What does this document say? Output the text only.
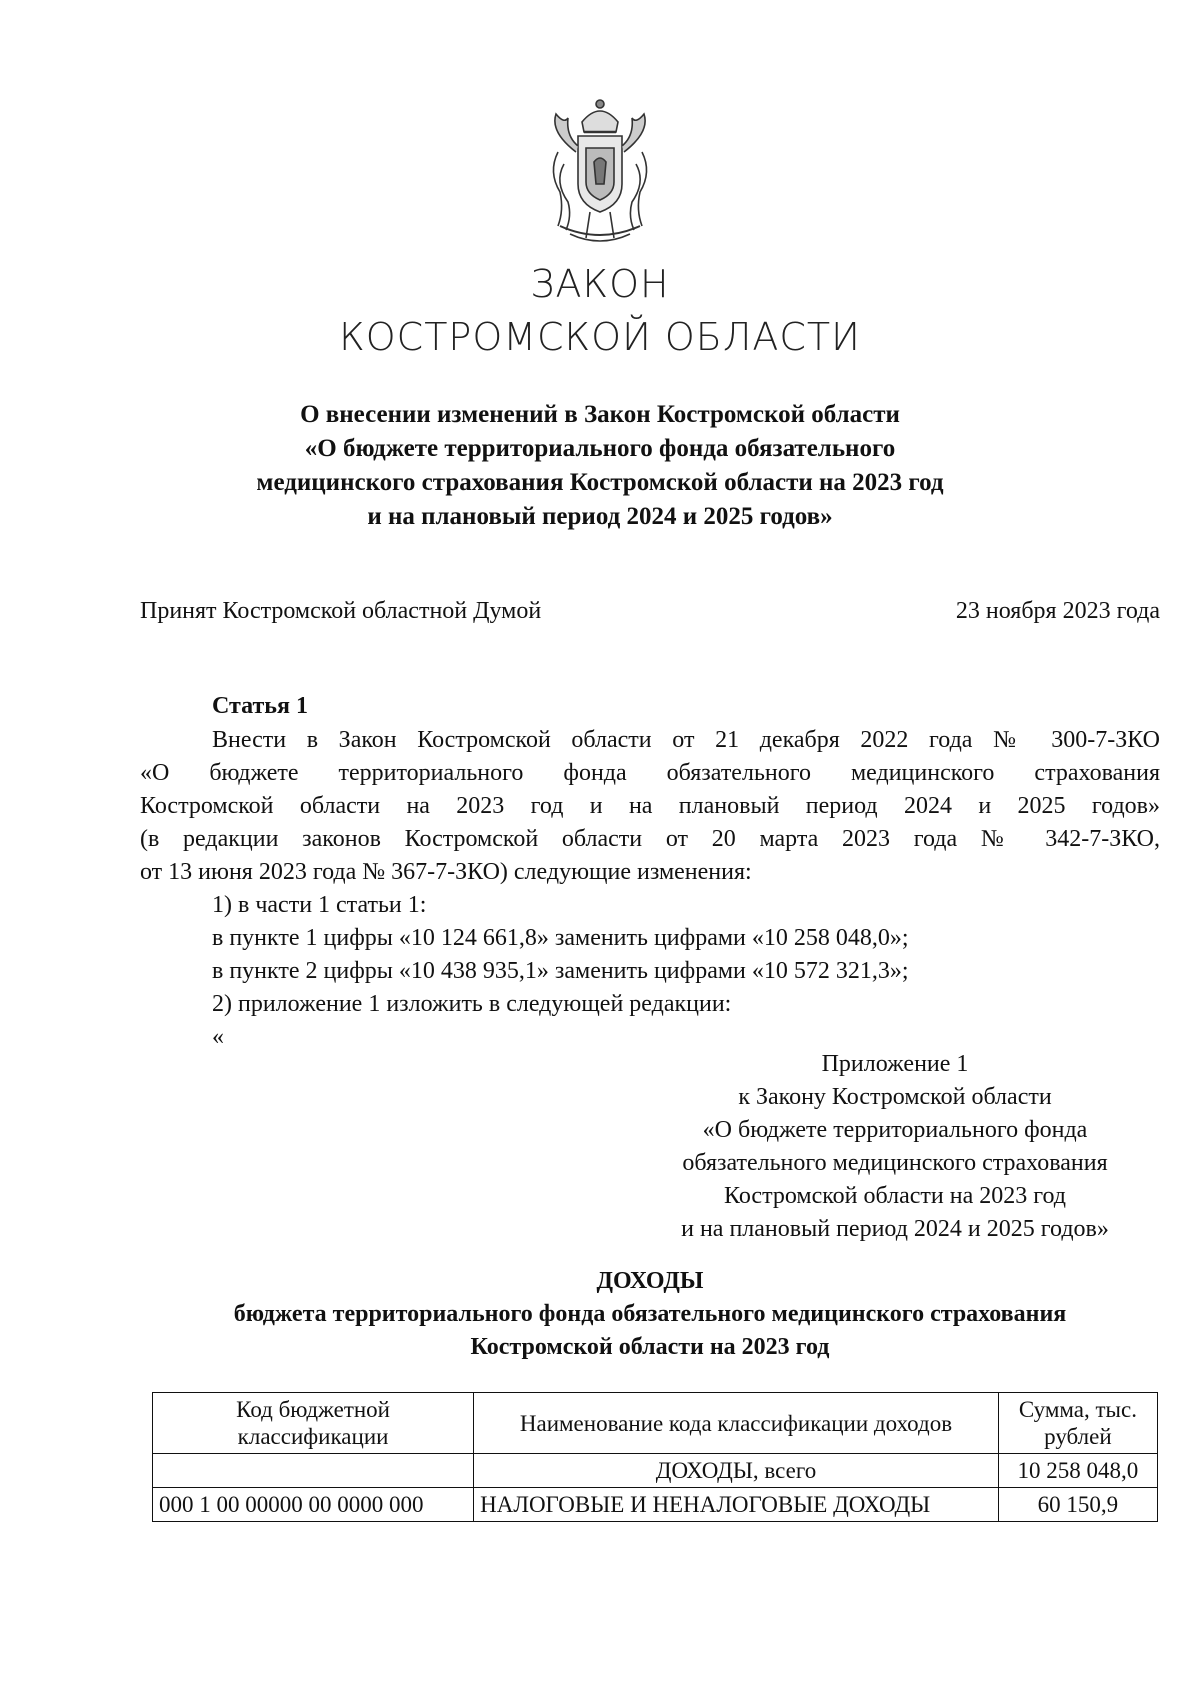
ЗАКОН
КОСТРОМСКОЙ ОБЛАСТИ
О внесении изменений в Закон Костромской области
«О бюджете территориального фонда обязательного
медицинского страхования Костромской области на 2023 год
и на плановый период 2024 и 2025 годов»
Принят Костромской областной Думой	23 ноября 2023 года
Статья 1
Внести в Закон Костромской области от 21 декабря 2022 года № 300-7-ЗКО
«О бюджете территориального фонда обязательного медицинского страхования
Костромской области на 2023 год и на плановый период 2024 и 2025 годов»
(в редакции законов Костромской области от 20 марта 2023 года № 342-7-ЗКО,
от 13 июня 2023 года № 367-7-ЗКО) следующие изменения:
1) в части 1 статьи 1:
в пункте 1 цифры «10 124 661,8» заменить цифрами «10 258 048,0»;
в пункте 2 цифры «10 438 935,1» заменить цифрами «10 572 321,3»;
2) приложение 1 изложить в следующей редакции:
«
Приложение 1
к Закону Костромской области
«О бюджете территориального фонда
обязательного медицинского страхования
Костромской области на 2023 год
и на плановый период 2024 и 2025 годов»
ДОХОДЫ
бюджета территориального фонда обязательного медицинского страхования
Костромской области на 2023 год
Код бюджетной классификации	Наименование кода классификации доходов	Сумма, тыс. рублей
	ДОХОДЫ, всего	10 258 048,0
000 1 00 00000 00 0000 000	НАЛОГОВЫЕ И НЕНАЛОГОВЫЕ ДОХОДЫ	60 150,9
